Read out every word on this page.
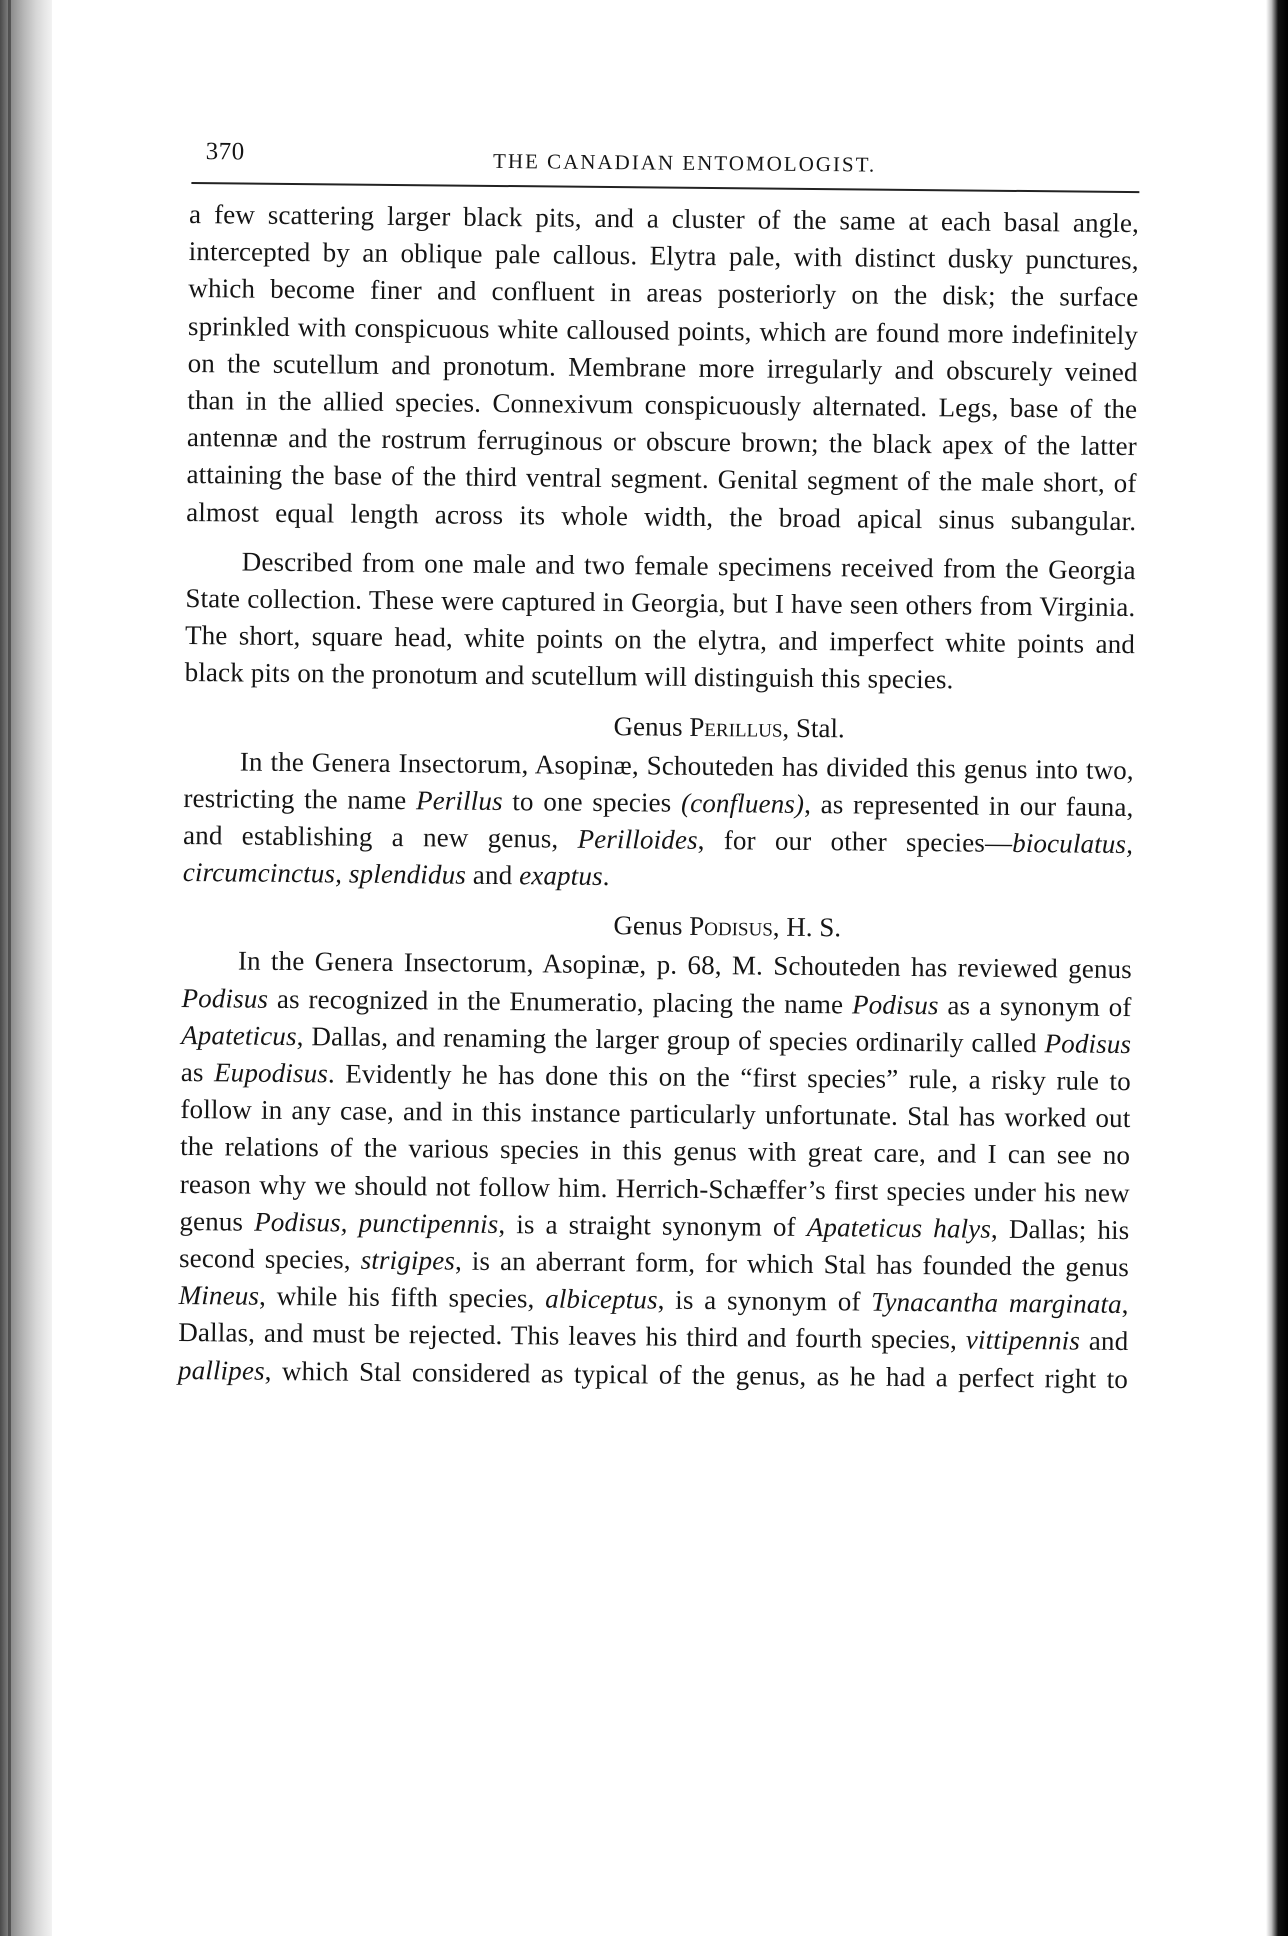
370	THE CANADIAN ENTOMOLOGIST.

a few scattering larger black pits, and a cluster of the same at each basal angle, intercepted by an oblique pale callous. Elytra pale, with distinct dusky punctures, which become finer and confluent in areas posteriorly on the disk; the surface sprinkled with conspicuous white calloused points, which are found more indefinitely on the scutellum and pronotum. Membrane more irregularly and obscurely veined than in the allied species. Connexivum conspicuously alternated. Legs, base of the antennæ and the rostrum ferruginous or obscure brown; the black apex of the latter attaining the base of the third ventral segment. Genital segment of the male short, of almost equal length across its whole width, the broad apical sinus subangular.

Described from one male and two female specimens received from the Georgia State collection. These were captured in Georgia, but I have seen others from Virginia. The short, square head, white points on the elytra, and imperfect white points and black pits on the pronotum and scutellum will distinguish this species.

Genus Perillus, Stal.

In the Genera Insectorum, Asopinæ, Schouteden has divided this genus into two, restricting the name Perillus to one species (confluens), as represented in our fauna, and establishing a new genus, Perilloides, for our other species—bioculatus, circumcinctus, splendidus and exaptus.

Genus Podisus, H. S.

In the Genera Insectorum, Asopinæ, p. 68, M. Schouteden has reviewed genus Podisus as recognized in the Enumeratio, placing the name Podisus as a synonym of Apateticus, Dallas, and renaming the larger group of species ordinarily called Podisus as Eupodisus. Evidently he has done this on the “first species” rule, a risky rule to follow in any case, and in this instance particularly unfortunate. Stal has worked out the relations of the various species in this genus with great care, and I can see no reason why we should not follow him. Herrich-Schæffer’s first species under his new genus Podisus, punctipennis, is a straight synonym of Apateticus halys, Dallas; his second species, strigipes, is an aberrant form, for which Stal has founded the genus Mineus, while his fifth species, albiceptus, is a synonym of Tynacantha marginata, Dallas, and must be rejected. This leaves his third and fourth species, vittipennis and pallipes, which Stal considered as typical of the genus, as he had a perfect right to
